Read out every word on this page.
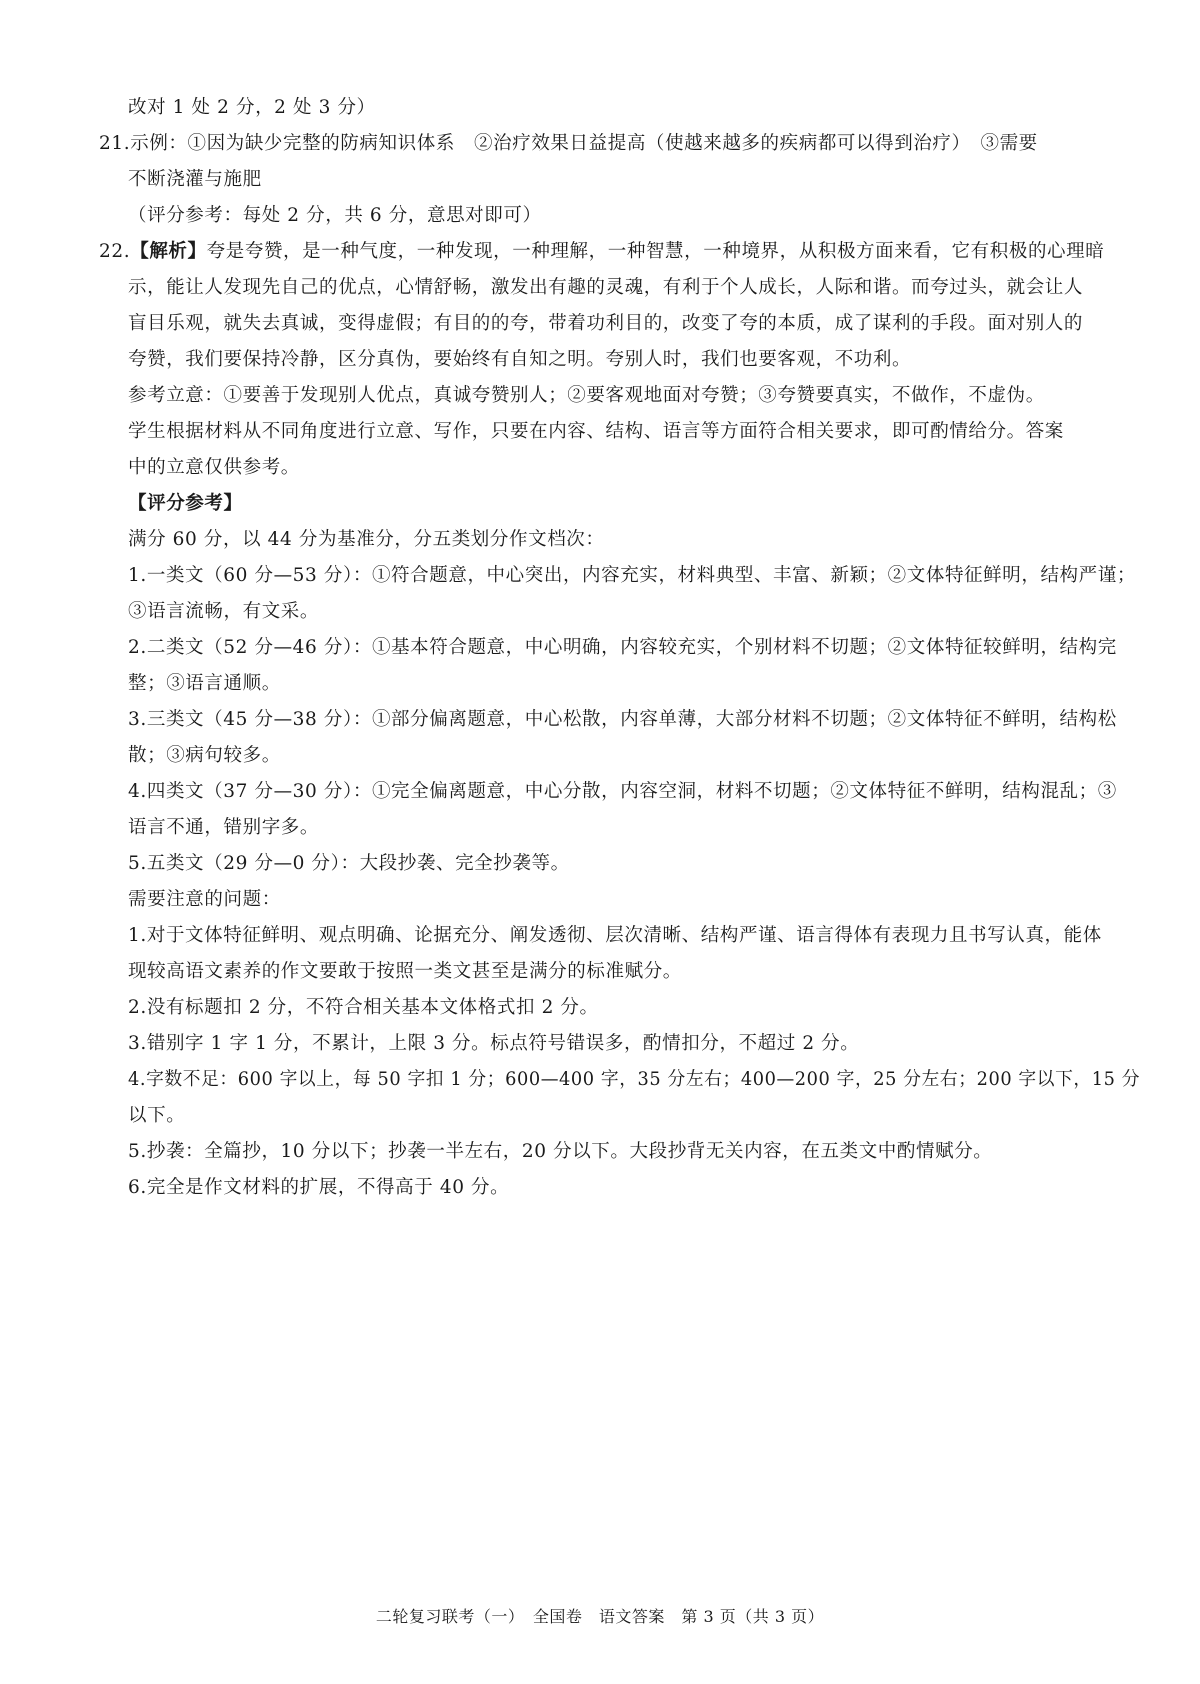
改对 1 处 2 分，2 处 3 分）
21.示例：①因为缺少完整的防病知识体系　②治疗效果日益提高（使越来越多的疾病都可以得到治疗）　③需要
不断浇灌与施肥
（评分参考：每处 2 分，共 6 分，意思对即可）
22.【解析】夸是夸赞，是一种气度，一种发现，一种理解，一种智慧，一种境界，从积极方面来看，它有积极的心理暗
示，能让人发现先自己的优点，心情舒畅，激发出有趣的灵魂，有利于个人成长，人际和谐。而夸过头，就会让人
盲目乐观，就失去真诚，变得虚假；有目的的夸，带着功利目的，改变了夸的本质，成了谋利的手段。面对别人的
夸赞，我们要保持冷静，区分真伪，要始终有自知之明。夸别人时，我们也要客观，不功利。
参考立意：①要善于发现别人优点，真诚夸赞别人；②要客观地面对夸赞；③夸赞要真实，不做作，不虚伪。
学生根据材料从不同角度进行立意、写作，只要在内容、结构、语言等方面符合相关要求，即可酌情给分。答案
中的立意仅供参考。
【评分参考】
满分 60 分，以 44 分为基准分，分五类划分作文档次：
1.一类文（60 分—53 分）：①符合题意，中心突出，内容充实，材料典型、丰富、新颖；②文体特征鲜明，结构严谨；
③语言流畅，有文采。
2.二类文（52 分—46 分）：①基本符合题意，中心明确，内容较充实，个别材料不切题；②文体特征较鲜明，结构完
整；③语言通顺。
3.三类文（45 分—38 分）：①部分偏离题意，中心松散，内容单薄，大部分材料不切题；②文体特征不鲜明，结构松
散；③病句较多。
4.四类文（37 分—30 分）：①完全偏离题意，中心分散，内容空洞，材料不切题；②文体特征不鲜明，结构混乱；③
语言不通，错别字多。
5.五类文（29 分—0 分）：大段抄袭、完全抄袭等。
需要注意的问题：
1.对于文体特征鲜明、观点明确、论据充分、阐发透彻、层次清晰、结构严谨、语言得体有表现力且书写认真，能体
现较高语文素养的作文要敢于按照一类文甚至是满分的标准赋分。
2.没有标题扣 2 分，不符合相关基本文体格式扣 2 分。
3.错别字 1 字 1 分，不累计，上限 3 分。标点符号错误多，酌情扣分，不超过 2 分。
4.字数不足：600 字以上，每 50 字扣 1 分；600—400 字，35 分左右；400—200 字，25 分左右；200 字以下，15 分
以下。
5.抄袭：全篇抄，10 分以下；抄袭一半左右，20 分以下。大段抄背无关内容，在五类文中酌情赋分。
6.完全是作文材料的扩展，不得高于 40 分。
二轮复习联考（一）　全国卷　语文答案　第 3 页（共 3 页）
